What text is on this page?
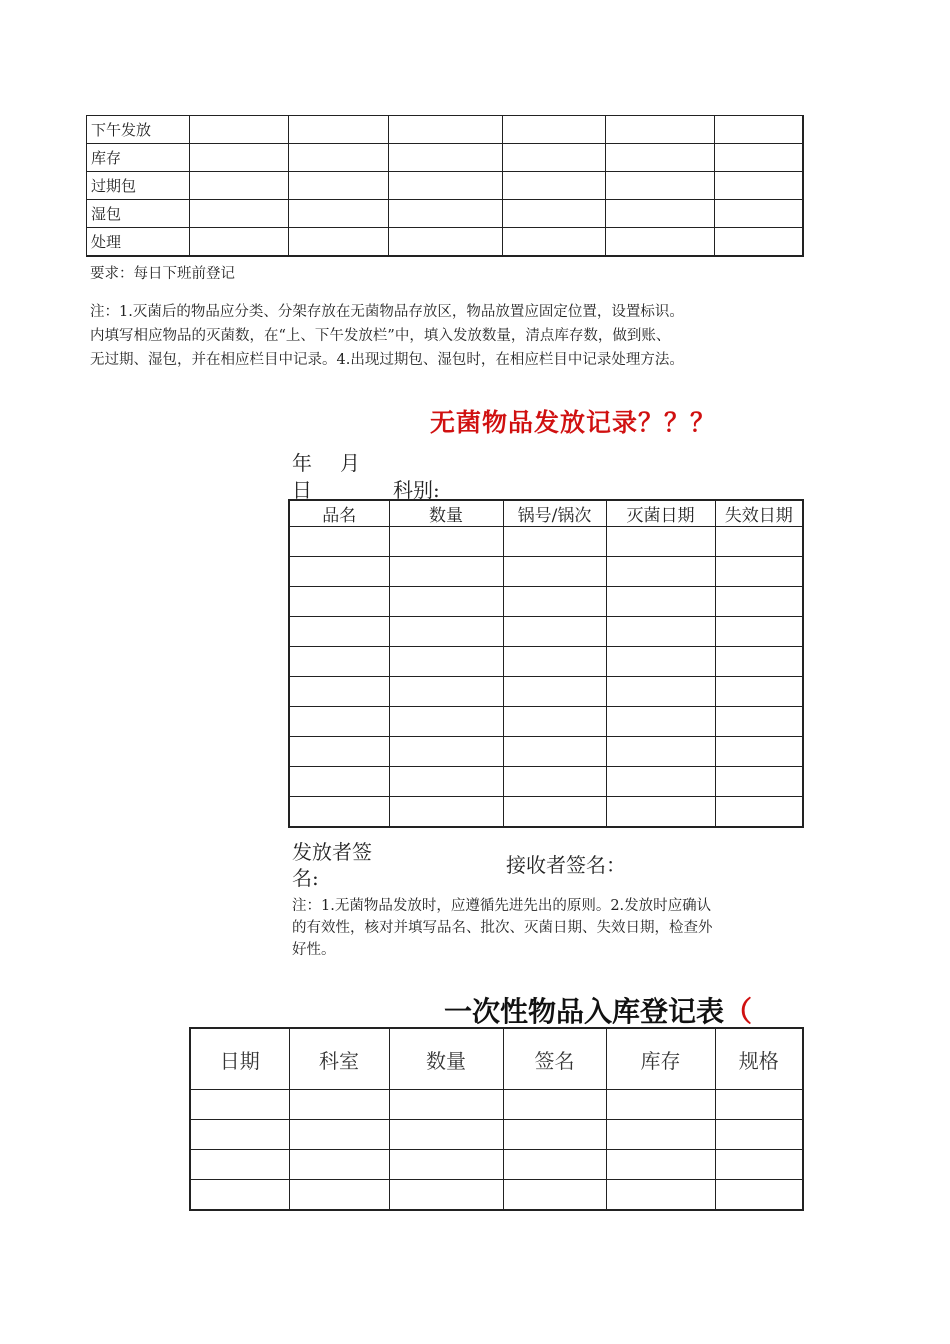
下午发放						
库存						
过期包						
湿包						
处理						
要求：每日下班前登记
注：1.灭菌后的物品应分类、分架存放在无菌物品存放区，物品放置应固定位置，设置标识。
内填写相应物品的灭菌数，在“上、下午发放栏”中，填入发放数量，清点库存数，做到账、
无过期、湿包，并在相应栏目中记录。4.出现过期包、湿包时，在相应栏目中记录处理方法。
无菌物品发放记录？？？
年 月
日	科别:
品名	数量	锅号/锅次	灭菌日期	失效日期

发放者签
名:
接收者签名：
注：1.无菌物品发放时，应遵循先进先出的原则。2.发放时应确认
的有效性，核对并填写品名、批次、灭菌日期、失效日期，检查外
好性。
一次性物品入库登记表（
日期	科室	数量	签名	库存	规格
